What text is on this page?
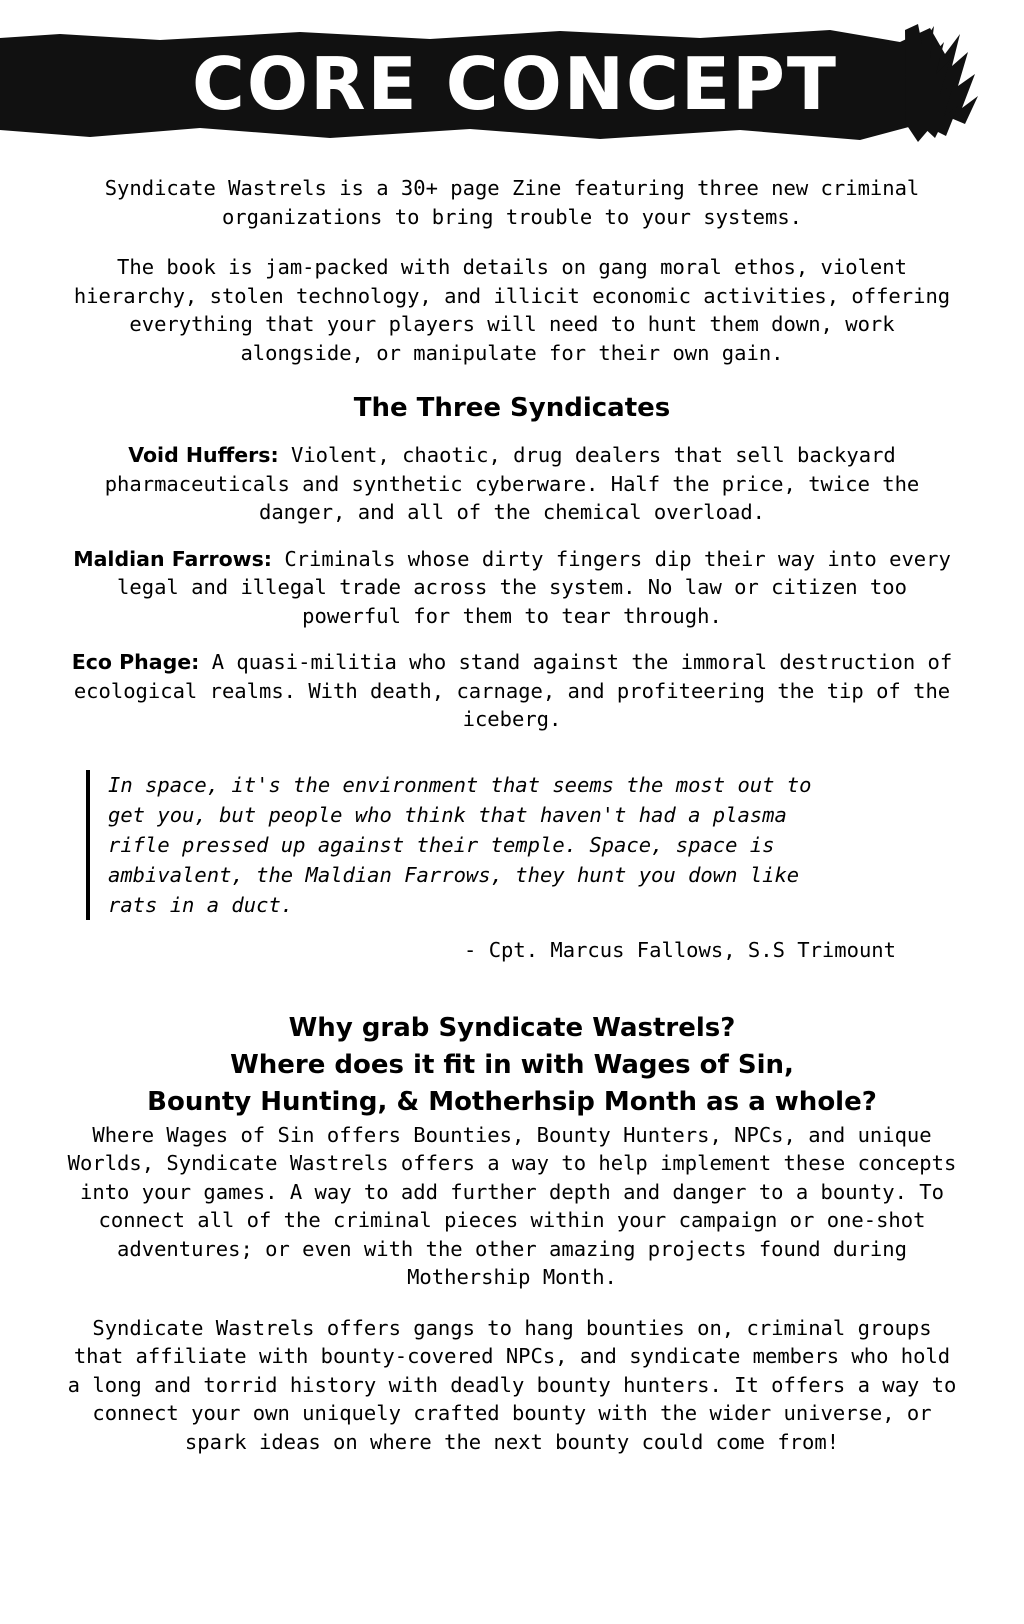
CORE CONCEPT

Syndicate Wastrels is a 30+ page Zine featuring three new criminal organizations to bring trouble to your systems.

The book is jam-packed with details on gang moral ethos, violent hierarchy, stolen technology, and illicit economic activities, offering everything that your players will need to hunt them down, work alongside, or manipulate for their own gain.

The Three Syndicates

Void Huffers: Violent, chaotic, drug dealers that sell backyard pharmaceuticals and synthetic cyberware. Half the price, twice the danger, and all of the chemical overload.

Maldian Farrows: Criminals whose dirty fingers dip their way into every legal and illegal trade across the system. No law or citizen too powerful for them to tear through.

Eco Phage: A quasi-militia who stand against the immoral destruction of ecological realms. With death, carnage, and profiteering the tip of the iceberg.

In space, it's the environment that seems the most out to get you, but people who think that haven't had a plasma rifle pressed up against their temple. Space, space is ambivalent, the Maldian Farrows, they hunt you down like rats in a duct.

- Cpt. Marcus Fallows, S.S Trimount

Why grab Syndicate Wastrels?
Where does it fit in with Wages of Sin,
Bounty Hunting, & Motherhsip Month as a whole?

Where Wages of Sin offers Bounties, Bounty Hunters, NPCs, and unique Worlds, Syndicate Wastrels offers a way to help implement these concepts into your games. A way to add further depth and danger to a bounty. To connect all of the criminal pieces within your campaign or one-shot adventures; or even with the other amazing projects found during Mothership Month.

Syndicate Wastrels offers gangs to hang bounties on, criminal groups that affiliate with bounty-covered NPCs, and syndicate members who hold a long and torrid history with deadly bounty hunters. It offers a way to connect your own uniquely crafted bounty with the wider universe, or spark ideas on where the next bounty could come from!
